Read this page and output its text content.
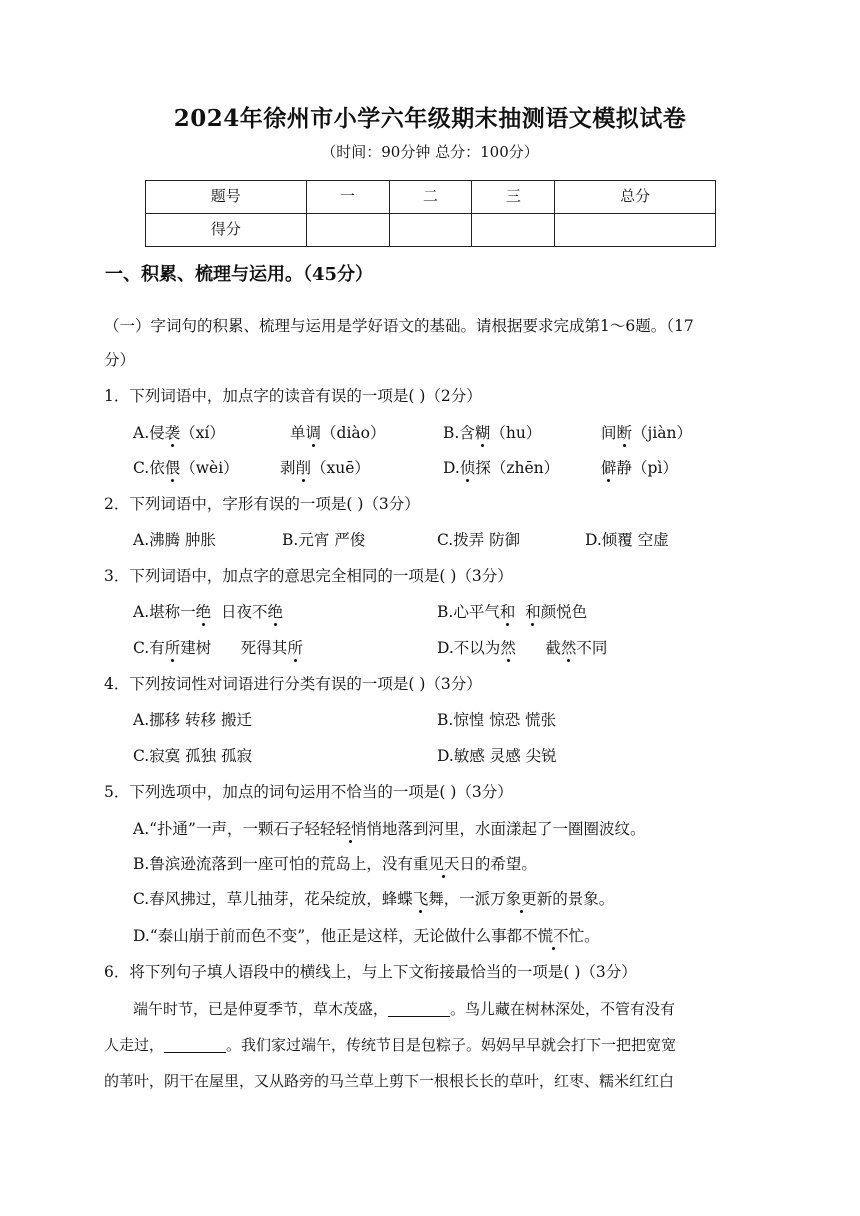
2024年徐州市小学六年级期末抽测语文模拟试卷
（时间：90分钟 总分：100分）
题号	一	二	三	总分
得分				
一、积累、梳理与运用。（45分）
（一）字词句的积累、梳理与运用是学好语文的基础。请根据要求完成第1～6题。（17
分）
1．下列词语中，加点字的读音有误的一项是( )（2分）
A.侵袭（xí）	单调（diào）	B.含糊（hu）	间断（jiàn）
C.依偎（wèi）	剥削（xuē）	D.侦探（zhēn）	僻静（pì）
2．下列词语中，字形有误的一项是( )（3分）
A.沸腾 肿胀	B.元宵 严俊	C.拨弄 防御	D.倾覆 空虚
3．下列词语中，加点字的意思完全相同的一项是( )（3分）
A.堪称一绝  日夜不绝	B.心平气和 和颜悦色
C.有所建树      死得其所	D.不以为然      截然不同
4．下列按词性对词语进行分类有误的一项是( )（3分）
A.挪移 转移 搬迁	B.惊惶 惊恐 慌张
C.寂寞 孤独 孤寂	D.敏感 灵感 尖锐
5．下列选项中，加点的词句运用不恰当的一项是( )（3分）
A.“扑通”一声，一颗石子轻轻轻悄悄地落到河里，水面漾起了一圈圈波纹。
B.鲁滨逊流落到一座可怕的荒岛上，没有重见天日的希望。
C.春风拂过，草儿抽芽，花朵绽放，蜂蝶飞舞，一派万象更新的景象。
D.“泰山崩于前而色不变”，他正是这样，无论做什么事都不慌不忙。
6．将下列句子填人语段中的横线上，与上下文衔接最恰当的一项是( )（3分）
端午时节，已是仲夏季节，草木茂盛，	。鸟儿藏在树林深处，不管有没有
人走过，	。我们家过端午，传统节目是包粽子。妈妈早早就会打下一把把宽宽
的苇叶，阴干在屋里，又从路旁的马兰草上剪下一根根长长的草叶，红枣、糯米红红白
